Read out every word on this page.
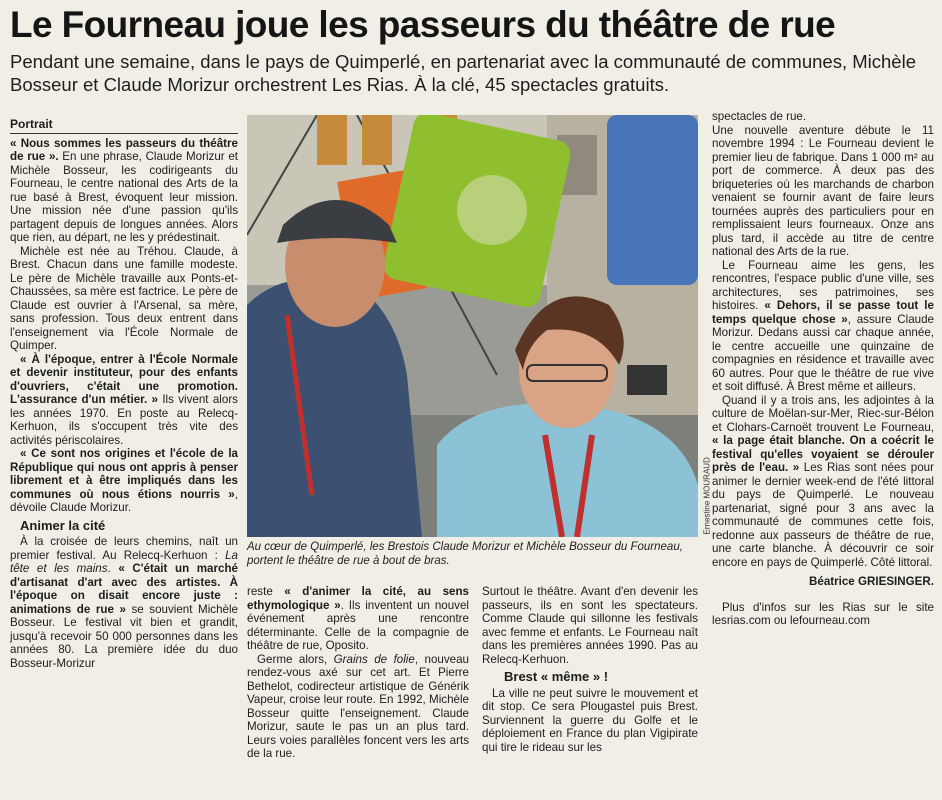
Le Fourneau joue les passeurs du théâtre de rue
Pendant une semaine, dans le pays de Quimperlé, en partenariat avec la communauté de communes, Michèle Bosseur et Claude Morizur orchestrent Les Rias. À la clé, 45 spectacles gratuits.
Portrait

« Nous sommes les passeurs du théâtre de rue ». En une phrase, Claude Morizur et Michèle Bosseur, les codirigeants du Fourneau, le centre national des Arts de la rue basé à Brest, évoquent leur mission. Une mission née d'une passion qu'ils partagent depuis de longues années. Alors que rien, au départ, ne les y prédestinait.

Michèle est née au Tréhou. Claude, à Brest. Chacun dans une famille modeste. Le père de Michèle travaille aux Ponts-et-Chaussées, sa mère est factrice. Le père de Claude est ouvrier à l'Arsenal, sa mère, sans profession. Tous deux entrent dans l'enseignement via l'École Normale de Quimper.

« À l'époque, entrer à l'École Normale et devenir instituteur, pour des enfants d'ouvriers, c'était une promotion. L'assurance d'un métier. » Ils vivent alors les années 1970. En poste au Relecq-Kerhuon, ils s'occupent très vite des activités périscolaires.

« Ce sont nos origines et l'école de la République qui nous ont appris à penser librement et à être impliqués dans les communes où nous étions nourris », dévoile Claude Morizur.

Animer la cité

À la croisée de leurs chemins, naît un premier festival. Au Relecq-Kerhuon : La tête et les mains. « C'était un marché d'artisanat d'art avec des artistes. À l'époque on disait encore juste : animations de rue » se souvient Michèle Bosseur. Le festival vit bien et grandit, jusqu'à recevoir 50 000 personnes dans les années 80. La première idée du duo Bosseur-Morizur

Ernestine MOURAUD
Au cœur de Quimperlé, les Brestois Claude Morizur et Michèle Bosseur du Fourneau, portent le théâtre de rue à bout de bras.

reste « d'animer la cité, au sens ethymologique ». Ils inventent un nouvel événement après une rencontre déterminante. Celle de la compagnie de théâtre de rue, Oposito.

Germe alors, Grains de folie, nouveau rendez-vous axé sur cet art. Et Pierre Bethelot, codirecteur artistique de Générik Vapeur, croise leur route. En 1992, Michèle Bosseur quitte l'enseignement. Claude Morizur, saute le pas un an plus tard. Leurs voies parallèles foncent vers les arts de la rue.

Surtout le théâtre. Avant d'en devenir les passeurs, ils en sont les spectateurs. Comme Claude qui sillonne les festivals avec femme et enfants. Le Fourneau naît dans les premières années 1990. Pas au Relecq-Kerhuon.

Brest « même » !

La ville ne peut suivre le mouvement et dit stop. Ce sera Plougastel puis Brest. Surviennent la guerre du Golfe et le déploiement en France du plan Vigipirate qui tire le rideau sur les

spectacles de rue.

Une nouvelle aventure débute le 11 novembre 1994 : Le Fourneau devient le premier lieu de fabrique. Dans 1 000 m² au port de commerce. À deux pas des briqueteries où les marchands de charbon venaient se fournir avant de faire leurs tournées auprès des particuliers pour en remplissaient leurs fourneaux. Onze ans plus tard, il accède au titre de centre national des Arts de la rue.

Le Fourneau aime les gens, les rencontres, l'espace public d'une ville, ses architectures, ses patrimoines, ses histoires. « Dehors, il se passe tout le temps quelque chose », assure Claude Morizur. Dedans aussi car chaque année, le centre accueille une quinzaine de compagnies en résidence et travaille avec 60 autres. Pour que le théâtre de rue vive et soit diffusé. À Brest même et ailleurs.

Quand il y a trois ans, les adjointes à la culture de Moëlan-sur-Mer, Riec-sur-Bélon et Clohars-Carnoët trouvent Le Fourneau, « la page était blanche. On a coécrit le festival qu'elles voyaient se dérouler près de l'eau. » Les Rias sont nées pour animer le dernier week-end de l'été littoral du pays de Quimperlé. Le nouveau partenariat, signé pour 3 ans avec la communauté de communes cette fois, redonne aux passeurs de théâtre de rue, une carte blanche. À découvrir ce soir encore en pays de Quimperlé. Côté littoral.

Béatrice GRIESINGER.

Plus d'infos sur les Rias sur le site lesrias.com ou lefourneau.com
